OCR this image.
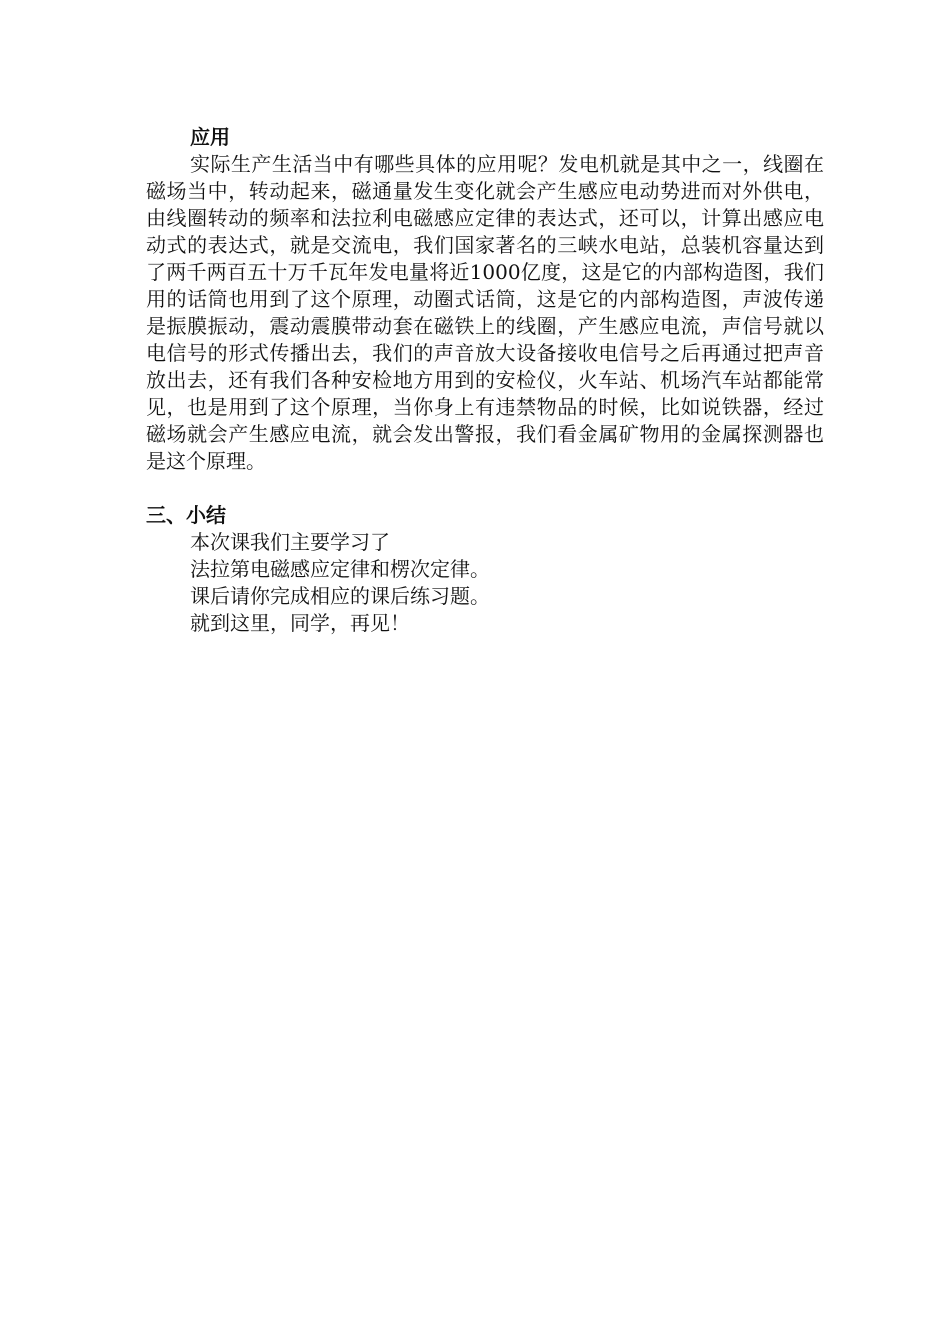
应用

实际生产生活当中有哪些具体的应用呢？发电机就是其中之一，线圈在磁场当中，转动起来，磁通量发生变化就会产生感应电动势进而对外供电，由线圈转动的频率和法拉利电磁感应定律的表达式，还可以，计算出感应电动式的表达式，就是交流电，我们国家著名的三峡水电站，总装机容量达到了两千两百五十万千瓦年发电量将近1000亿度，这是它的内部构造图，我们用的话筒也用到了这个原理，动圈式话筒，这是它的内部构造图，声波传递是振膜振动，震动震膜带动套在磁铁上的线圈，产生感应电流，声信号就以电信号的形式传播出去，我们的声音放大设备接收电信号之后再通过把声音放出去，还有我们各种安检地方用到的安检仪，火车站、机场汽车站都能常见，也是用到了这个原理，当你身上有违禁物品的时候，比如说铁器，经过磁场就会产生感应电流，就会发出警报，我们看金属矿物用的金属探测器也是这个原理。

三、小结
本次课我们主要学习了
法拉第电磁感应定律和楞次定律。
课后请你完成相应的课后练习题。
就到这里，同学，再见！
